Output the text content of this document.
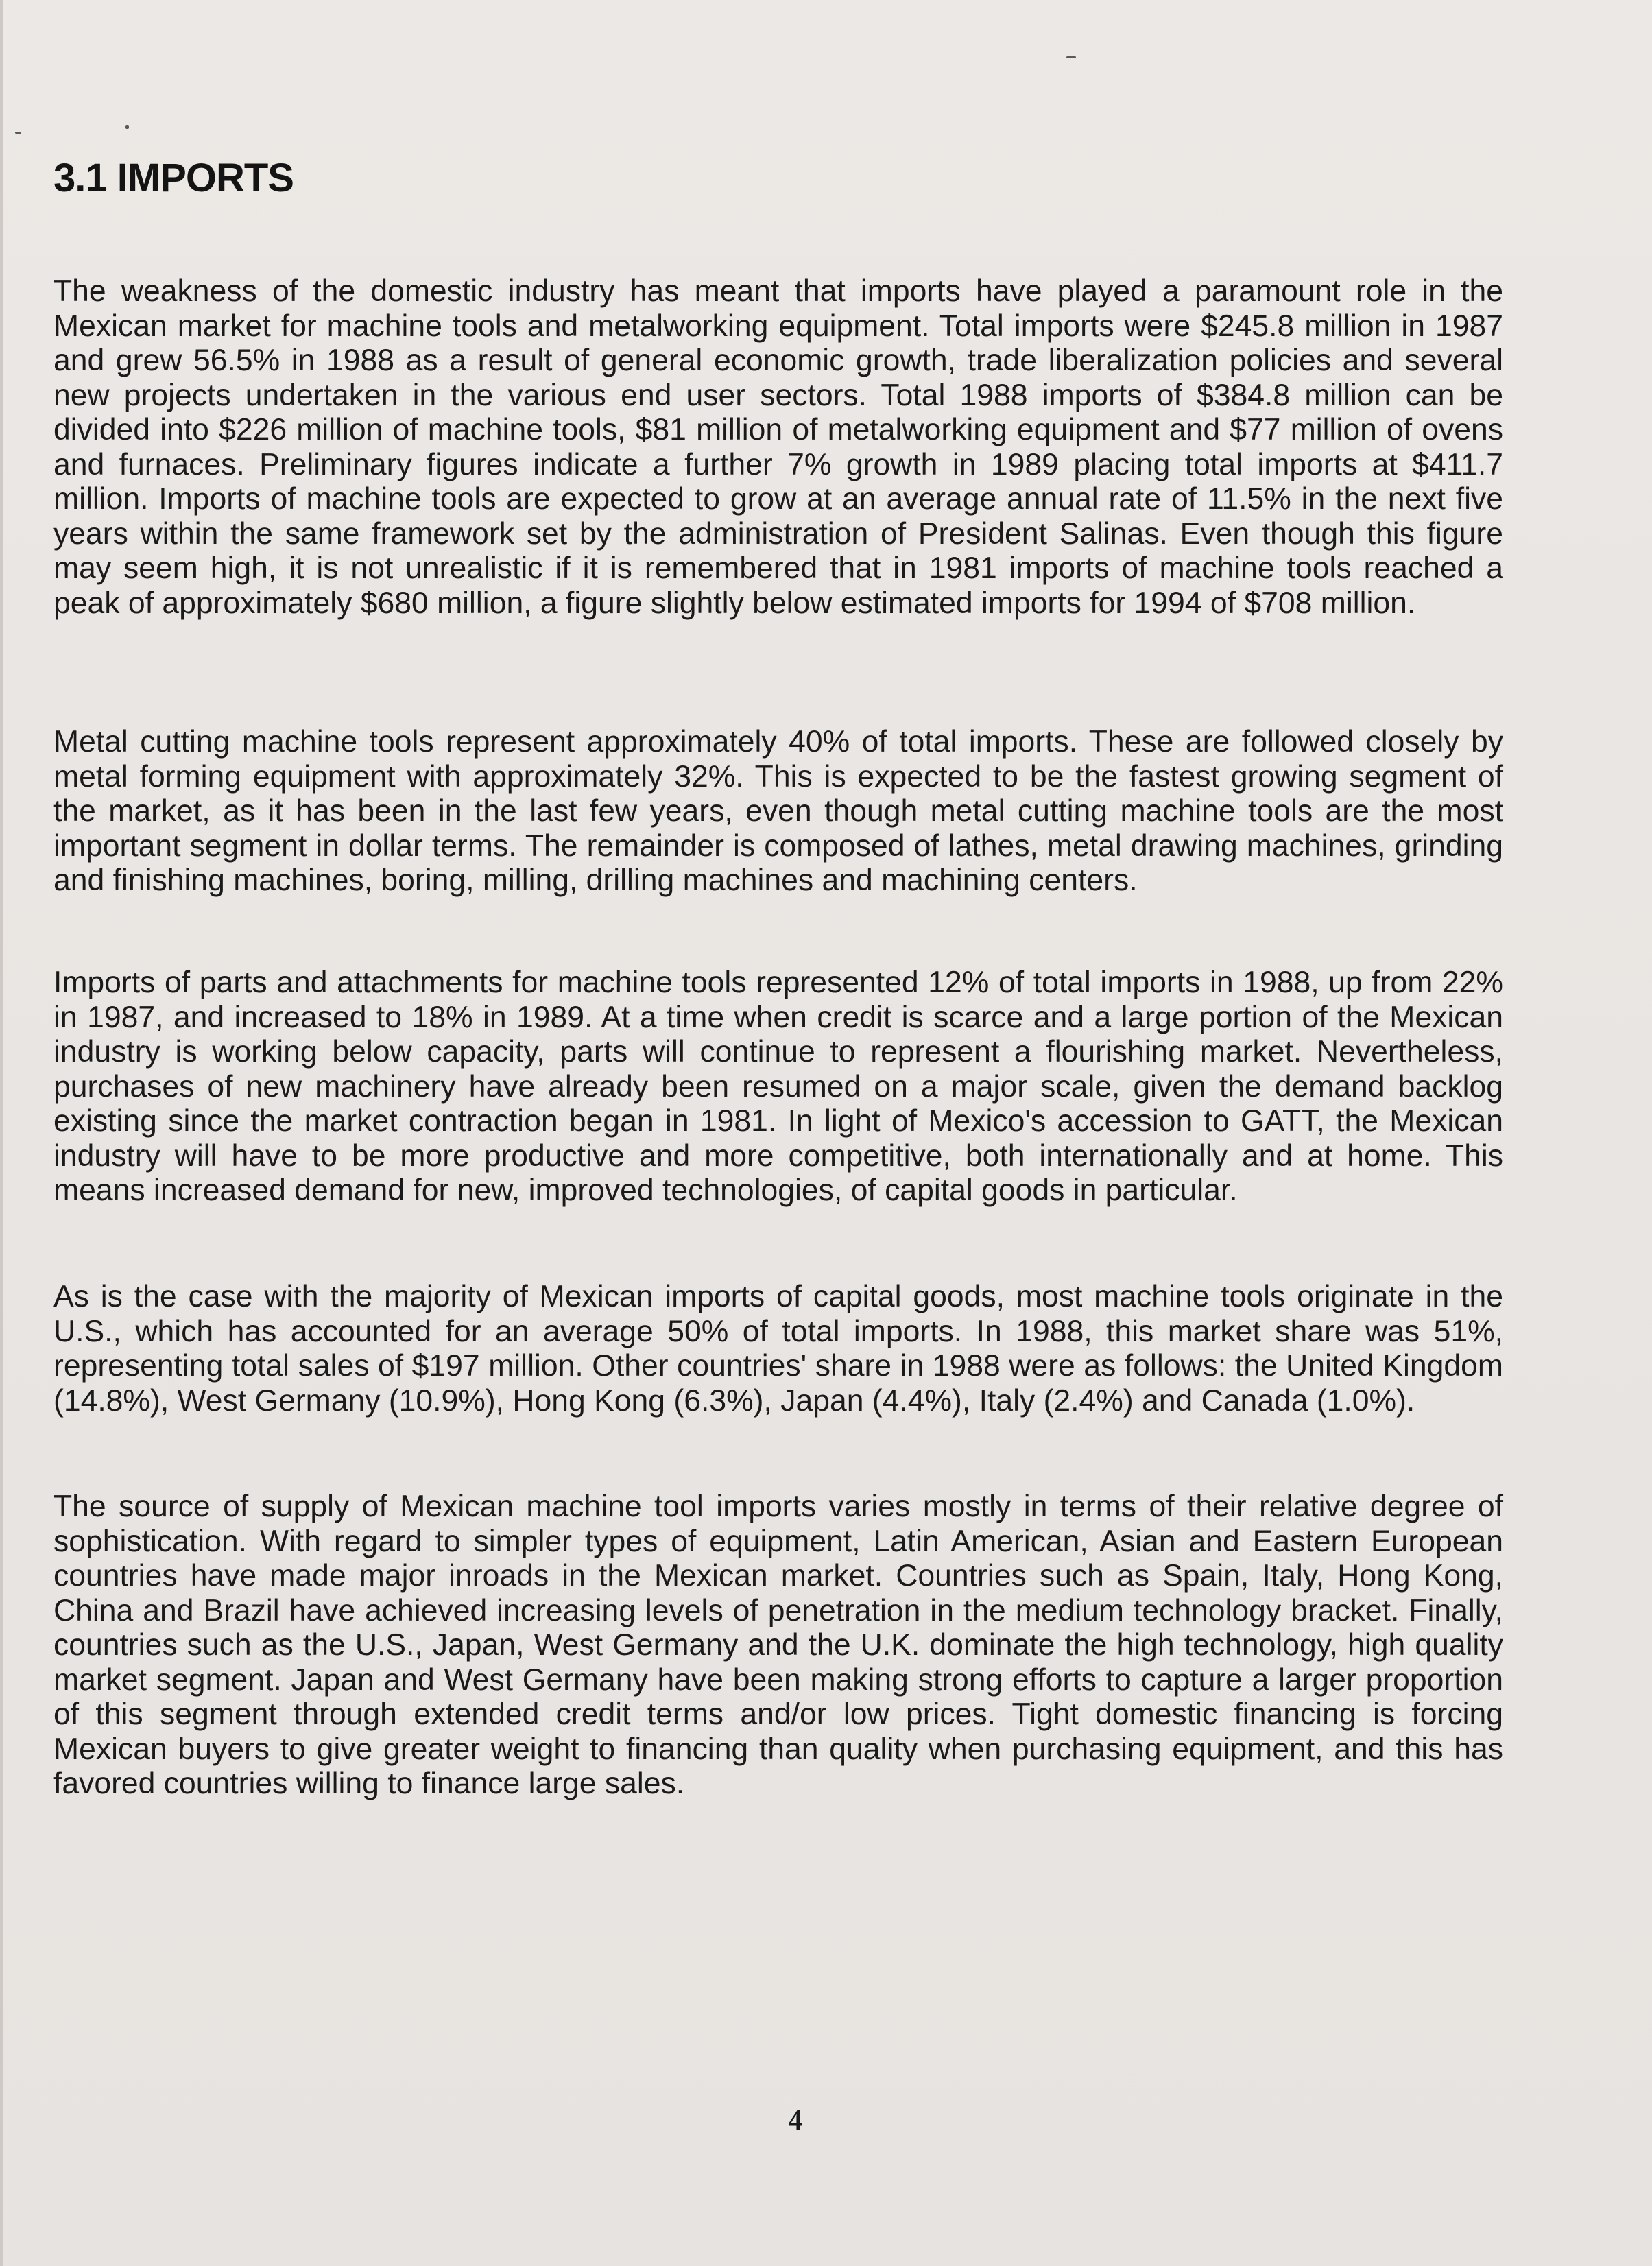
3.1 IMPORTS

The weakness of the domestic industry has meant that imports have played a paramount role in the Mexican market for machine tools and metalworking equipment. Total imports were $245.8 million in 1987 and grew 56.5% in 1988 as a result of general economic growth, trade liberalization policies and several new projects undertaken in the various end user sectors. Total 1988 imports of $384.8 million can be divided into $226 million of machine tools, $81 million of metalworking equipment and $77 million of ovens and furnaces. Preliminary figures indicate a further 7% growth in 1989 placing total imports at $411.7 million. Imports of machine tools are expected to grow at an average annual rate of 11.5% in the next five years within the same framework set by the administration of President Salinas. Even though this figure may seem high, it is not unrealistic if it is remembered that in 1981 imports of machine tools reached a peak of approximately $680 million, a figure slightly below estimated imports for 1994 of $708 million.

Metal cutting machine tools represent approximately 40% of total imports. These are followed closely by metal forming equipment with approximately 32%. This is expected to be the fastest growing segment of the market, as it has been in the last few years, even though metal cutting machine tools are the most important segment in dollar terms. The remainder is composed of lathes, metal drawing machines, grinding and finishing machines, boring, milling, drilling machines and machining centers.

Imports of parts and attachments for machine tools represented 12% of total imports in 1988, up from 22% in 1987, and increased to 18% in 1989. At a time when credit is scarce and a large portion of the Mexican industry is working below capacity, parts will continue to represent a flourishing market. Nevertheless, purchases of new machinery have already been resumed on a major scale, given the demand backlog existing since the market contraction began in 1981. In light of Mexico's accession to GATT, the Mexican industry will have to be more productive and more competitive, both internationally and at home. This means increased demand for new, improved technologies, of capital goods in particular.

As is the case with the majority of Mexican imports of capital goods, most machine tools originate in the U.S., which has accounted for an average 50% of total imports. In 1988, this market share was 51%, representing total sales of $197 million. Other countries' share in 1988 were as follows: the United Kingdom (14.8%), West Germany (10.9%), Hong Kong (6.3%), Japan (4.4%), Italy (2.4%) and Canada (1.0%).

The source of supply of Mexican machine tool imports varies mostly in terms of their relative degree of sophistication. With regard to simpler types of equipment, Latin American, Asian and Eastern European countries have made major inroads in the Mexican market. Countries such as Spain, Italy, Hong Kong, China and Brazil have achieved increasing levels of penetration in the medium technology bracket. Finally, countries such as the U.S., Japan, West Germany and the U.K. dominate the high technology, high quality market segment. Japan and West Germany have been making strong efforts to capture a larger proportion of this segment through extended credit terms and/or low prices. Tight domestic financing is forcing Mexican buyers to give greater weight to financing than quality when purchasing equipment, and this has favored countries willing to finance large sales.

4
